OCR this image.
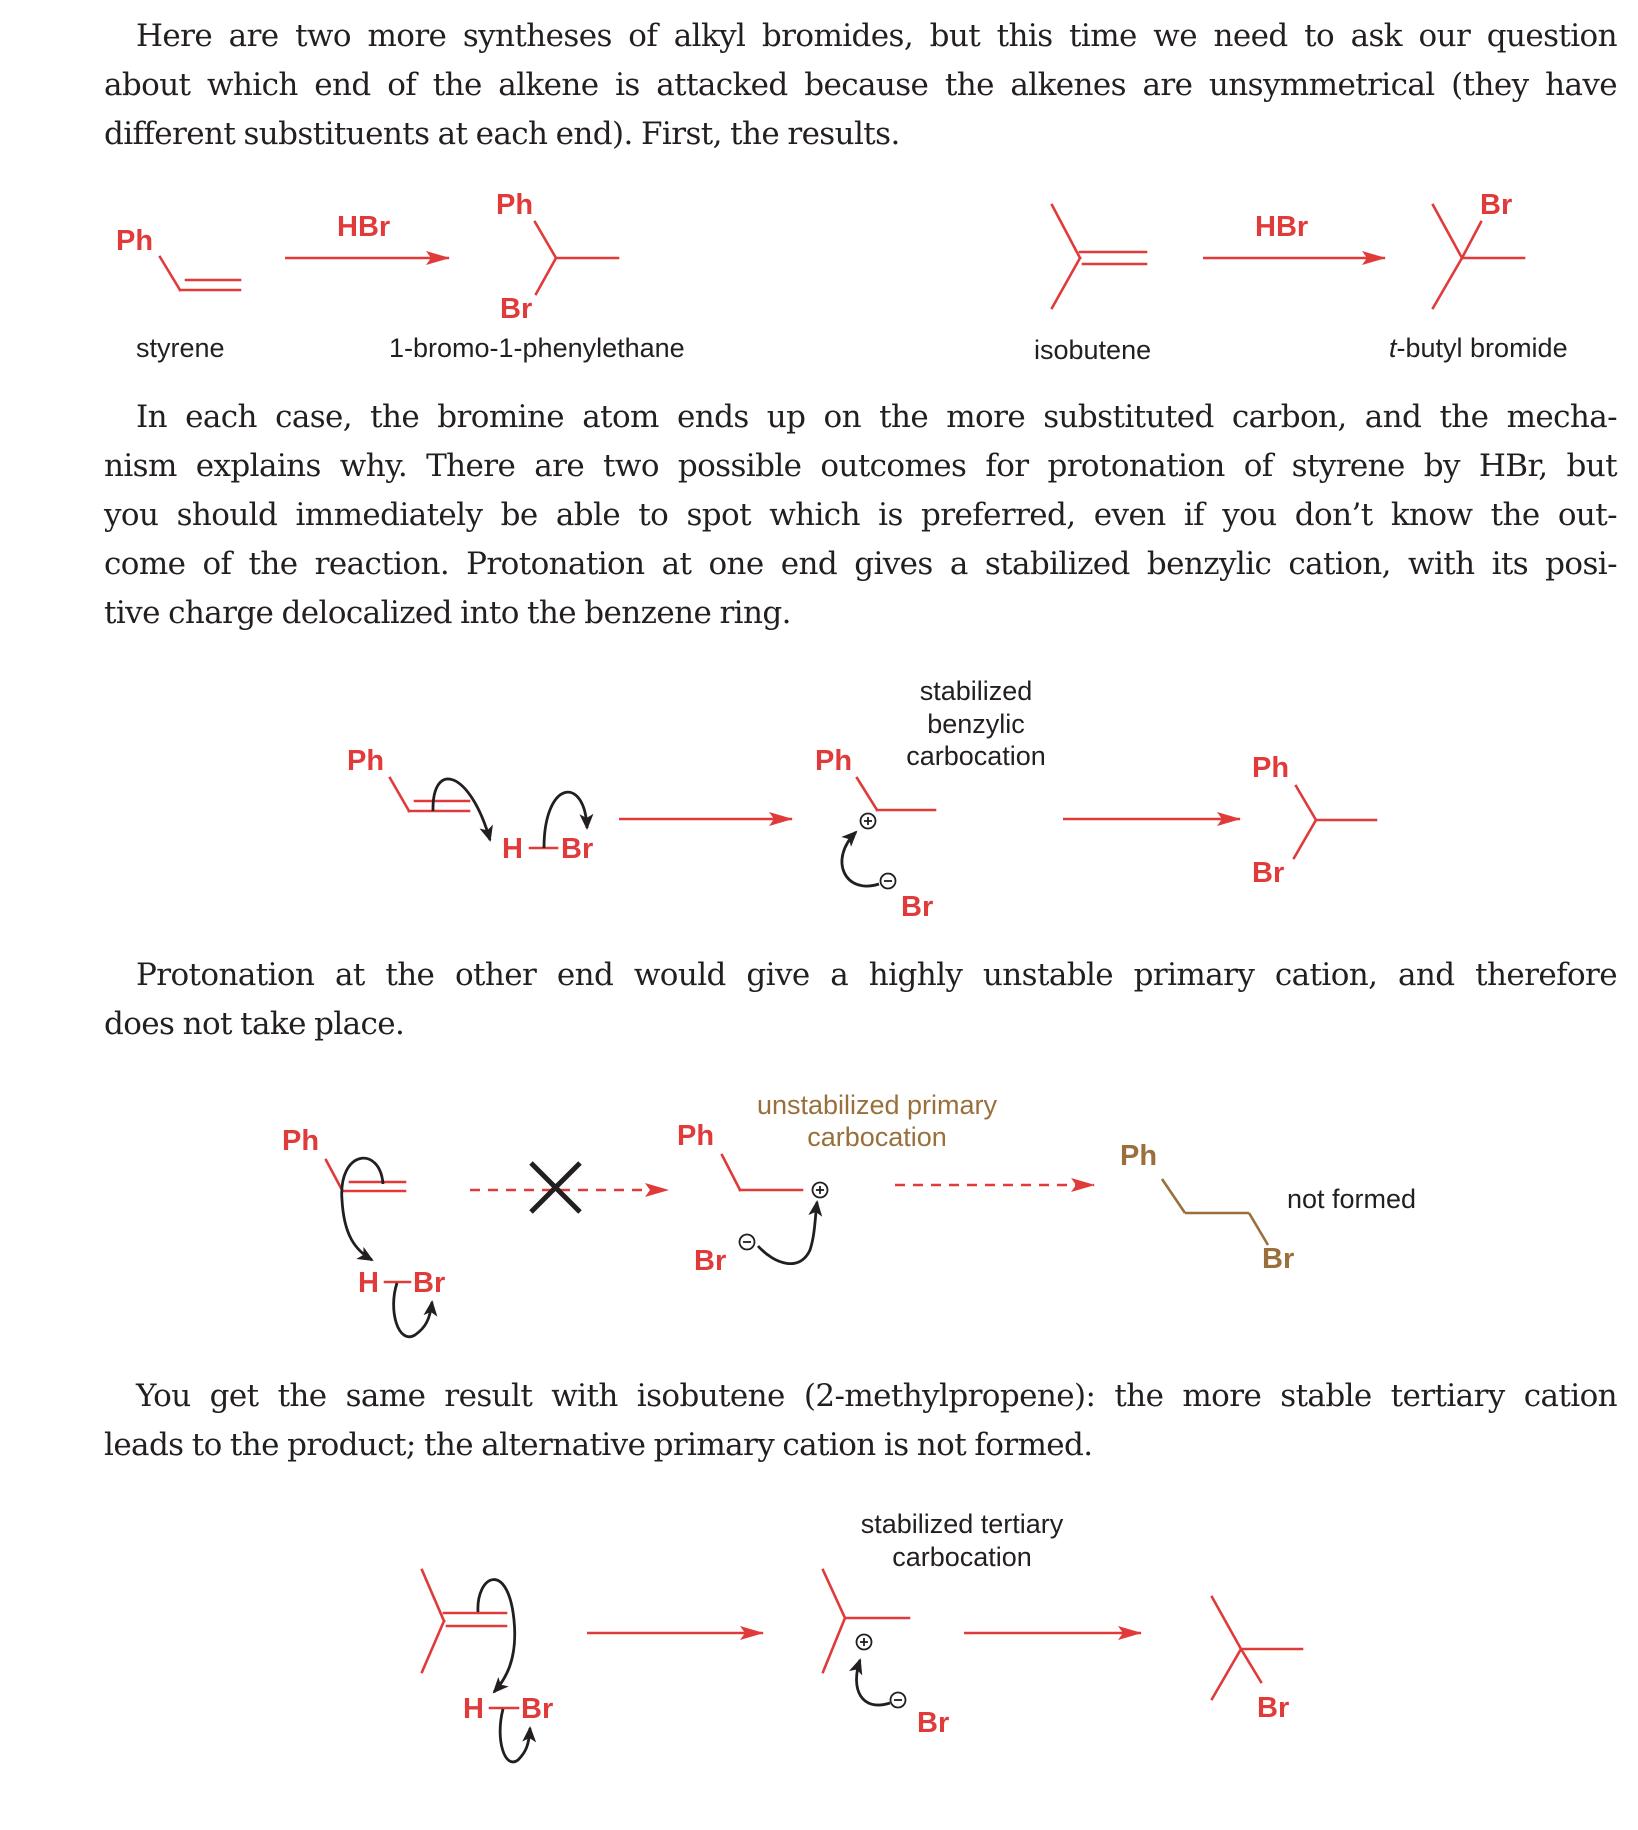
Here are two more syntheses of alkyl bromides, but this time we need to ask our question
about which end of the alkene is attacked because the alkenes are unsymmetrical (they have
different substituents at each end). First, the results.
In each case, the bromine atom ends up on the more substituted carbon, and the mecha-
nism explains why. There are two possible outcomes for protonation of styrene by HBr, but
you should immediately be able to spot which is preferred, even if you don’t know the out-
come of the reaction. Protonation at one end gives a stabilized benzylic cation, with its posi-
tive charge delocalized into the benzene ring.
Protonation at the other end would give a highly unstable primary cation, and therefore
does not take place.
You get the same result with isobutene (2-methylpropene): the more stable tertiary cation
leads to the product; the alternative primary cation is not formed.
Ph
styrene
HBr
Ph
Br
1-bromo-1-phenylethane	isobutene
HBr
Br
t-butyl bromide
Ph
H Br
Ph
Br
stabilized
benzylic
carbocation	Ph
Br
Ph
H Br
Ph
Br
unstabilized primary
carbocation
Ph
Br
not formed
H Br	Br
stabilized tertiary
carbocation
Br
